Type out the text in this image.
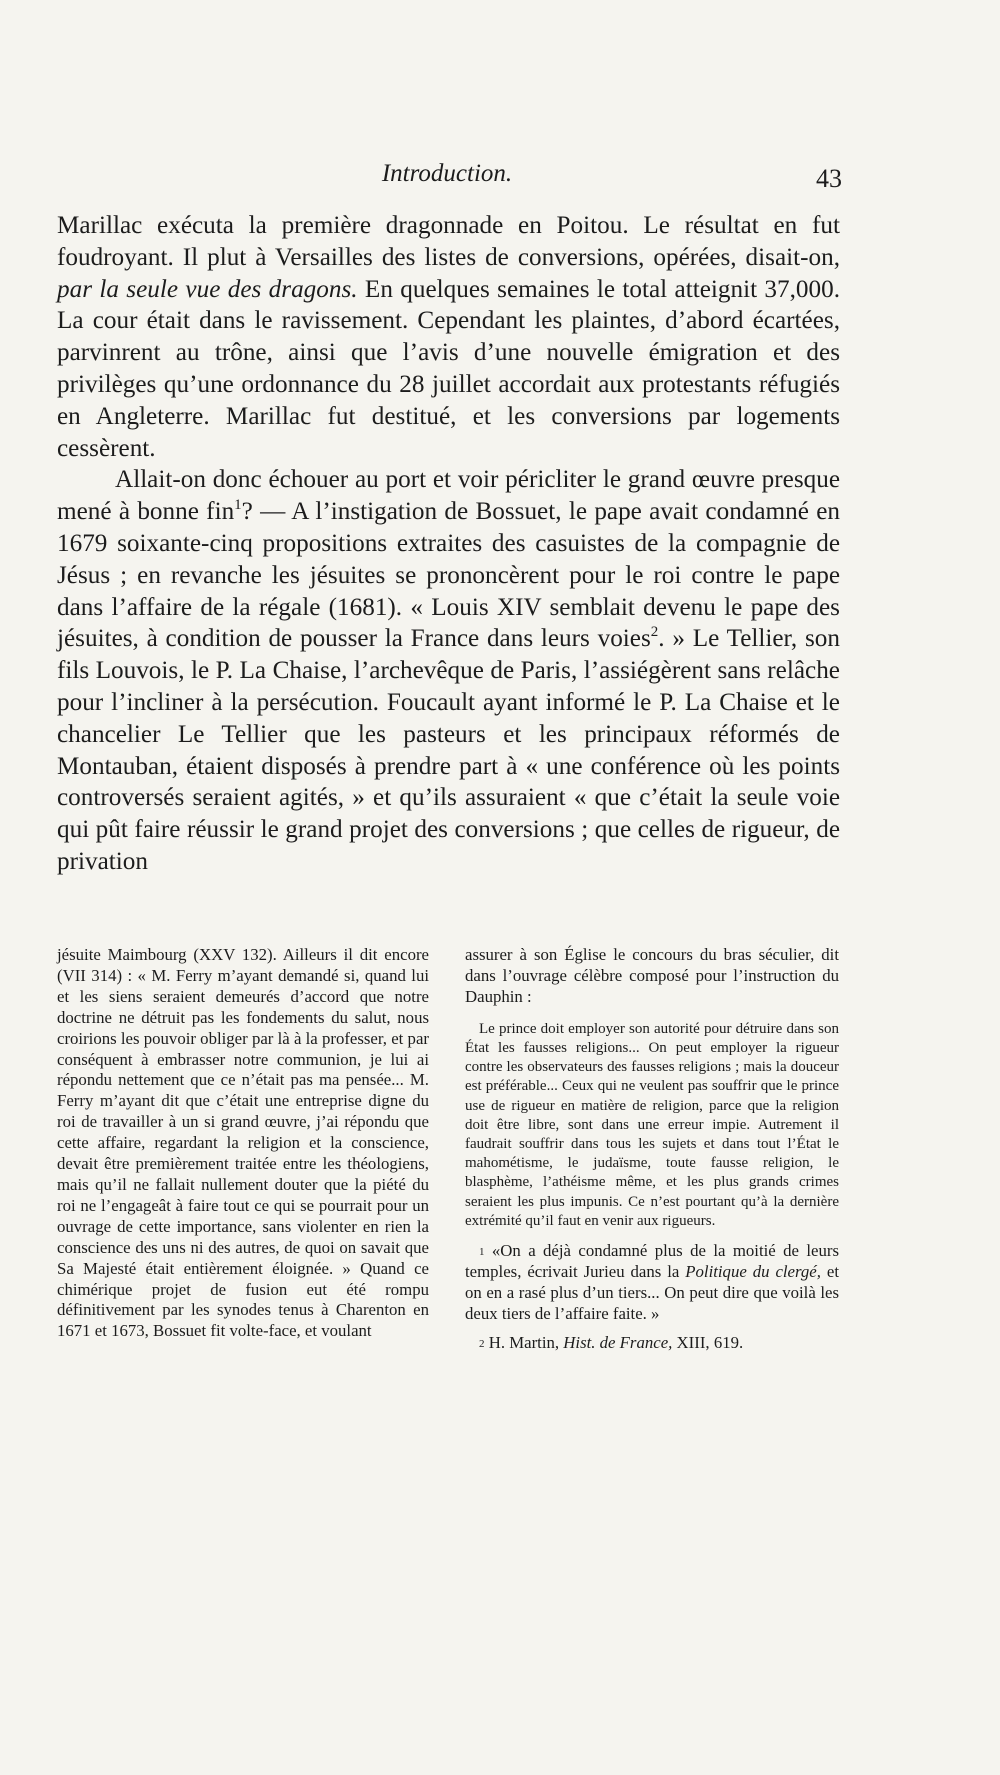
Introduction.	43

Marillac exécuta la première dragonnade en Poitou. Le résultat en fut foudroyant. Il plut à Versailles des listes de conversions, opérées, disait-on, par la seule vue des dragons. En quelques semaines le total atteignit 37,000. La cour était dans le ravissement. Cependant les plaintes, d’abord écartées, parvinrent au trône, ainsi que l’avis d’une nouvelle émigration et des privilèges qu’une ordonnance du 28 juillet accordait aux protestants réfugiés en Angleterre. Marillac fut destitué, et les conversions par logements cessèrent.

Allait-on donc échouer au port et voir péricliter le grand œuvre presque mené à bonne fin$^1$? — A l’instigation de Bossuet, le pape avait condamné en 1679 soixante-cinq propositions extraites des casuistes de la compagnie de Jésus ; en revanche les jésuites se prononcèrent pour le roi contre le pape dans l’affaire de la régale (1681). « Louis XIV semblait devenu le pape des jésuites, à condition de pousser la France dans leurs voies$^2$. » Le Tellier, son fils Louvois, le P. La Chaise, l’archevêque de Paris, l’assiégèrent sans relâche pour l’incliner à la persécution. Foucault ayant informé le P. La Chaise et le chancelier Le Tellier que les pasteurs et les principaux réformés de Montauban, étaient disposés à prendre part à « une conférence où les points controversés seraient agités, » et qu’ils assuraient « que c’était la seule voie qui pût faire réussir le grand projet des conversions ; que celles de rigueur, de privation

jésuite Maimbourg (XXV 132). Ailleurs il dit encore (VII 314) : « M. Ferry m’ayant demandé si, quand lui et les siens seraient demeurés d’accord que notre doctrine ne détruit pas les fondements du salut, nous croirions les pouvoir obliger par là à la professer, et par conséquent à embrasser notre communion, je lui ai répondu nettement que ce n’était pas ma pensée... M. Ferry m’ayant dit que c’était une entreprise digne du roi de travailler à un si grand œuvre, j’ai répondu que cette affaire, regardant la religion et la conscience, devait être premièrement traitée entre les théologiens, mais qu’il ne fallait nullement douter que la piété du roi ne l’engageât à faire tout ce qui se pourrait pour un ouvrage de cette importance, sans violenter en rien la conscience des uns ni des autres, de quoi on savait que Sa Majesté était entièrement éloignée. » Quand ce chimérique projet de fusion eut été rompu définitivement par les synodes tenus à Charenton en 1671 et 1673, Bossuet fit volte-face, et voulant

assurer à son Église le concours du bras séculier, dit dans l’ouvrage célèbre composé pour l’instruction du Dauphin :

Le prince doit employer son autorité pour détruire dans son État les fausses religions... On peut employer la rigueur contre les observateurs des fausses religions ; mais la douceur est préférable... Ceux qui ne veulent pas souffrir que le prince use de rigueur en matière de religion, parce que la religion doit être libre, sont dans une erreur impie. Autrement il faudrait souffrir dans tous les sujets et dans tout l’État le mahométisme, le judaïsme, toute fausse religion, le blasphème, l’athéisme même, et les plus grands crimes seraient les plus impunis. Ce n’est pourtant qu’à la dernière extrémité qu’il faut en venir aux rigueurs.

$^1$ «On a déjà condamné plus de la moitié de leurs temples, écrivait Jurieu dans la Politique du clergé, et on en a rasé plus d’un tiers... On peut dire que voilà les deux tiers de l’affaire faite. »

$^2$ H. Martin, Hist. de France, XIII, 619.
